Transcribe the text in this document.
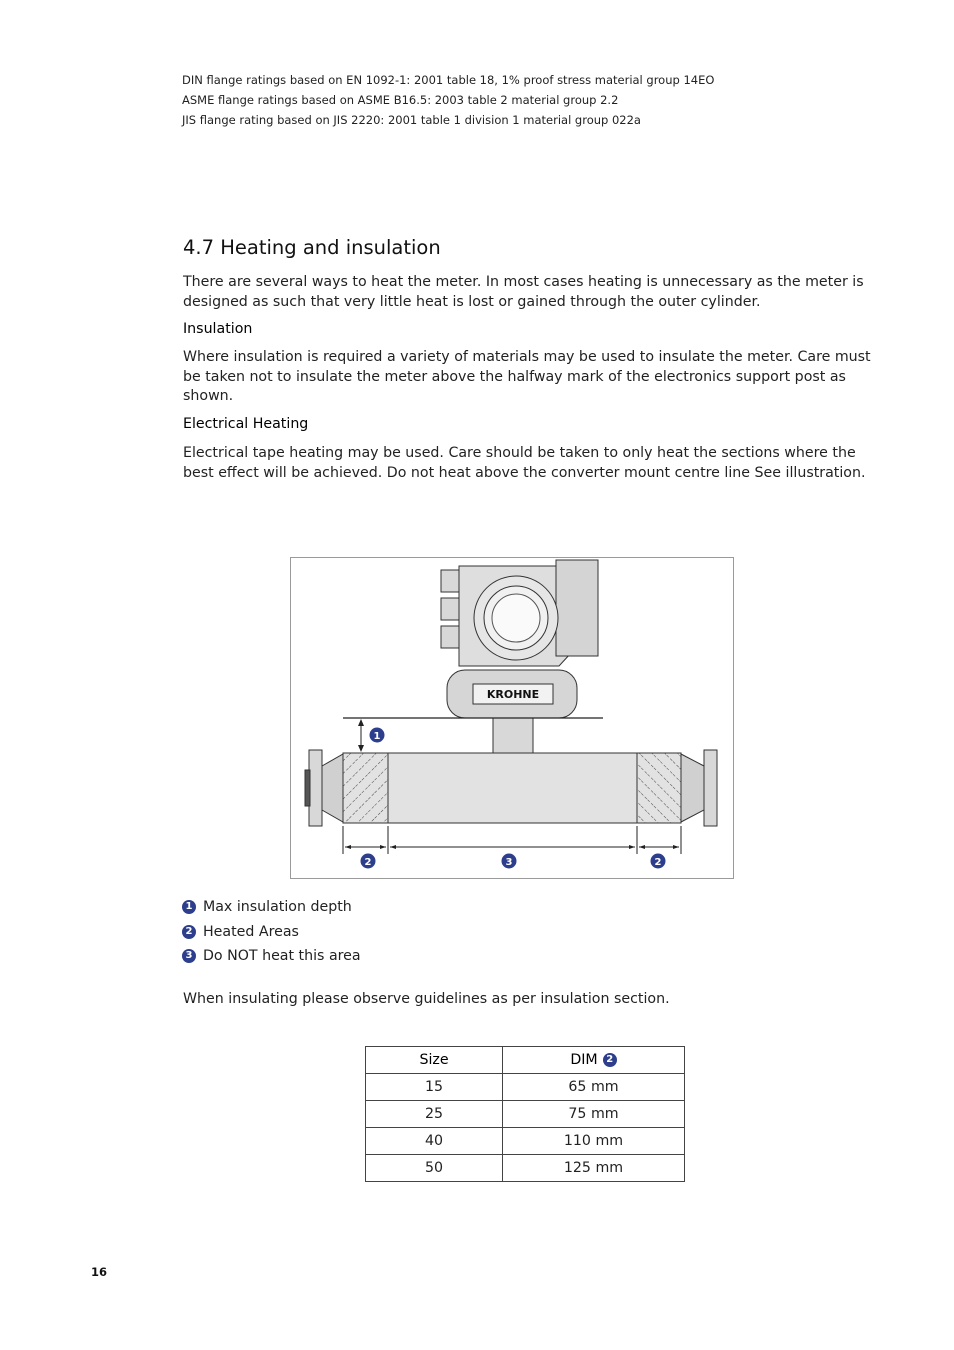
DIN flange ratings based on EN 1092-1: 2001 table 18, 1% proof stress material group 14EO
ASME flange ratings based on ASME B16.5: 2003 table 2 material group 2.2
JIS flange rating based on JIS 2220: 2001 table 1 division 1 material group 022a
4.7 Heating and insulation

There are several ways to heat the meter. In most cases heating is unnecessary as the meter is designed as such that very little heat is lost or gained through the outer cylinder.

Insulation

Where insulation is required a variety of materials may be used to insulate the meter. Care must be taken not to insulate the meter above the halfway mark of the electronics support post as shown.

Electrical Heating

Electrical tape heating may be used. Care should be taken to only heat the sections where the best effect will be achieved. Do not heat above the converter mount centre line See illustration.

KROHNE
1
2	3	2
1 Max insulation depth
2 Heated Areas
3 Do NOT heat this area

When insulating please observe guidelines as per insulation section.

Size	DIM 2

15	65 mm
25	75 mm
40	110 mm
50	125 mm
16
